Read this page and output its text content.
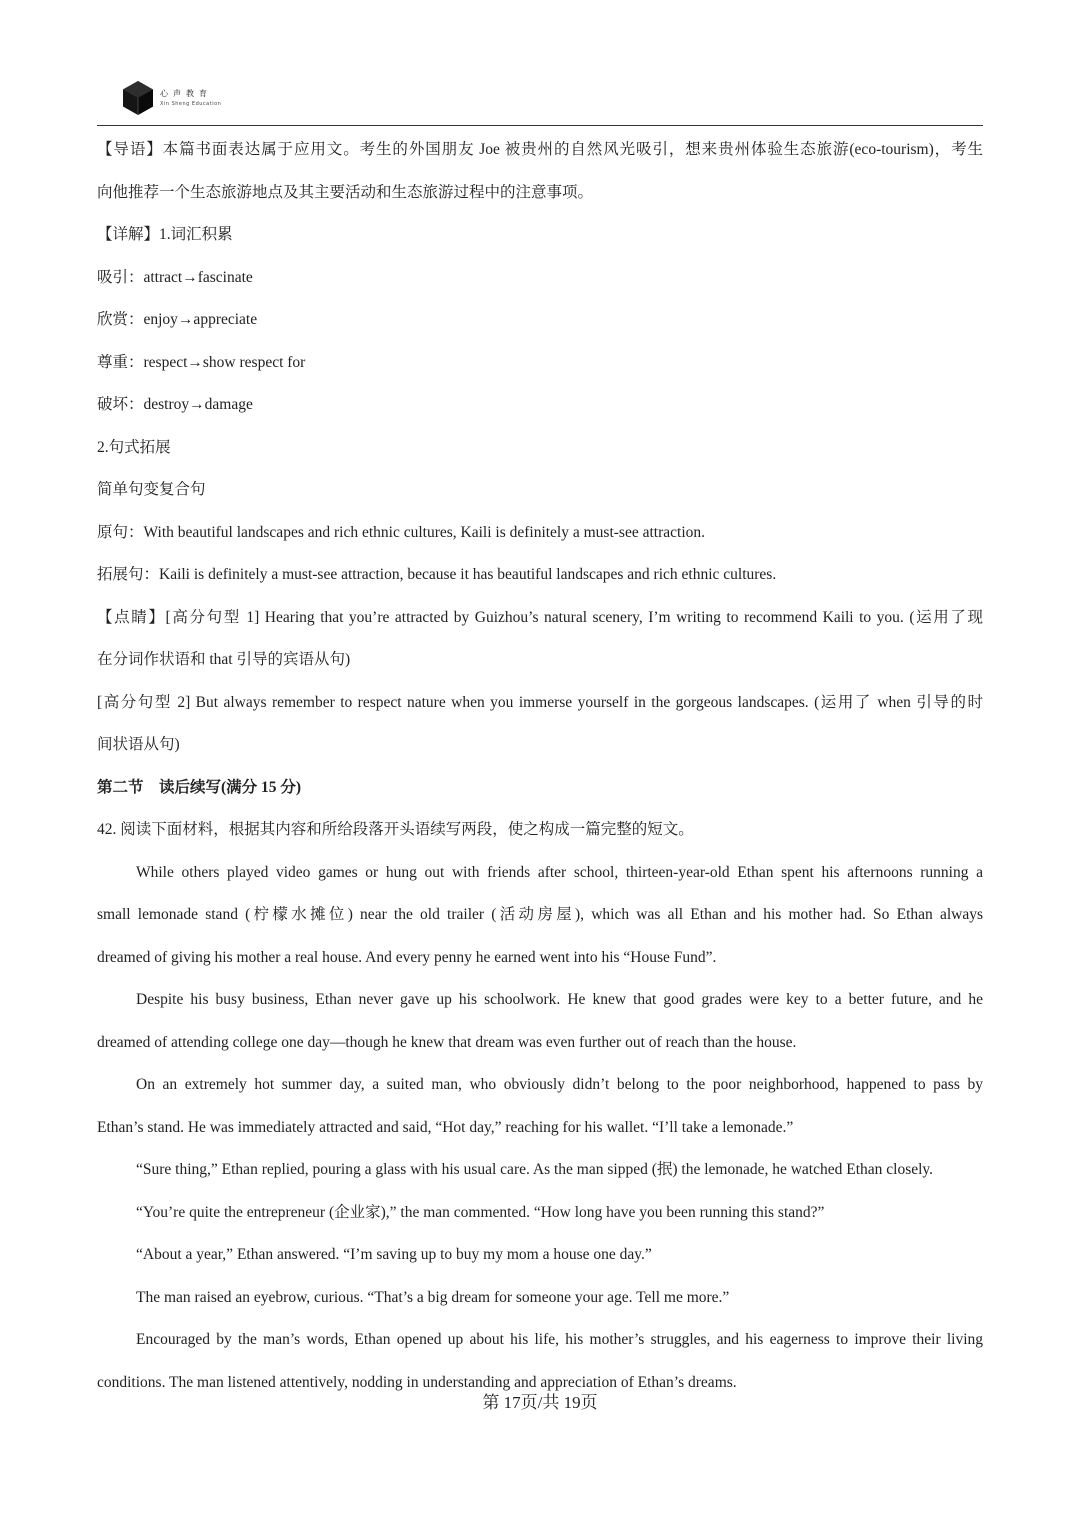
心声教育
Xin Sheng Education
【导语】本篇书面表达属于应用文。考生的外国朋友 Joe 被贵州的自然风光吸引，想来贵州体验生态旅游(eco-tourism)，考生
向他推荐一个生态旅游地点及其主要活动和生态旅游过程中的注意事项。
【详解】1.词汇积累
吸引：attract→fascinate
欣赏：enjoy→appreciate
尊重：respect→show respect for
破坏：destroy→damage
2.句式拓展
简单句变复合句
原句：With beautiful landscapes and rich ethnic cultures, Kaili is definitely a must-see attraction.
拓展句：Kaili is definitely a must-see attraction, because it has beautiful landscapes and rich ethnic cultures.
【点睛】[高分句型 1] Hearing that you’re attracted by Guizhou’s natural scenery, I’m writing to recommend Kaili to you. (运用了现
在分词作状语和 that 引导的宾语从句)
[高分句型 2] But always remember to respect nature when you immerse yourself in the gorgeous landscapes. (运用了 when 引导的时
间状语从句)
第二节　读后续写(满分 15 分)
42. 阅读下面材料，根据其内容和所给段落开头语续写两段，使之构成一篇完整的短文。
While others played video games or hung out with friends after school, thirteen-year-old Ethan spent his afternoons running a
small lemonade stand (柠檬水摊位) near the old trailer (活动房屋), which was all Ethan and his mother had. So Ethan always
dreamed of giving his mother a real house. And every penny he earned went into his “House Fund”.
Despite his busy business, Ethan never gave up his schoolwork. He knew that good grades were key to a better future, and he
dreamed of attending college one day—though he knew that dream was even further out of reach than the house.
On an extremely hot summer day, a suited man, who obviously didn’t belong to the poor neighborhood, happened to pass by
Ethan’s stand. He was immediately attracted and said, “Hot day,” reaching for his wallet. “I’ll take a lemonade.”
“Sure thing,” Ethan replied, pouring a glass with his usual care. As the man sipped (抿) the lemonade, he watched Ethan closely.
“You’re quite the entrepreneur (企业家),” the man commented. “How long have you been running this stand?”
“About a year,” Ethan answered. “I’m saving up to buy my mom a house one day.”
The man raised an eyebrow, curious. “That’s a big dream for someone your age. Tell me more.”
Encouraged by the man’s words, Ethan opened up about his life, his mother’s struggles, and his eagerness to improve their living
conditions. The man listened attentively, nodding in understanding and appreciation of Ethan’s dreams.
第 17页/共 19页
